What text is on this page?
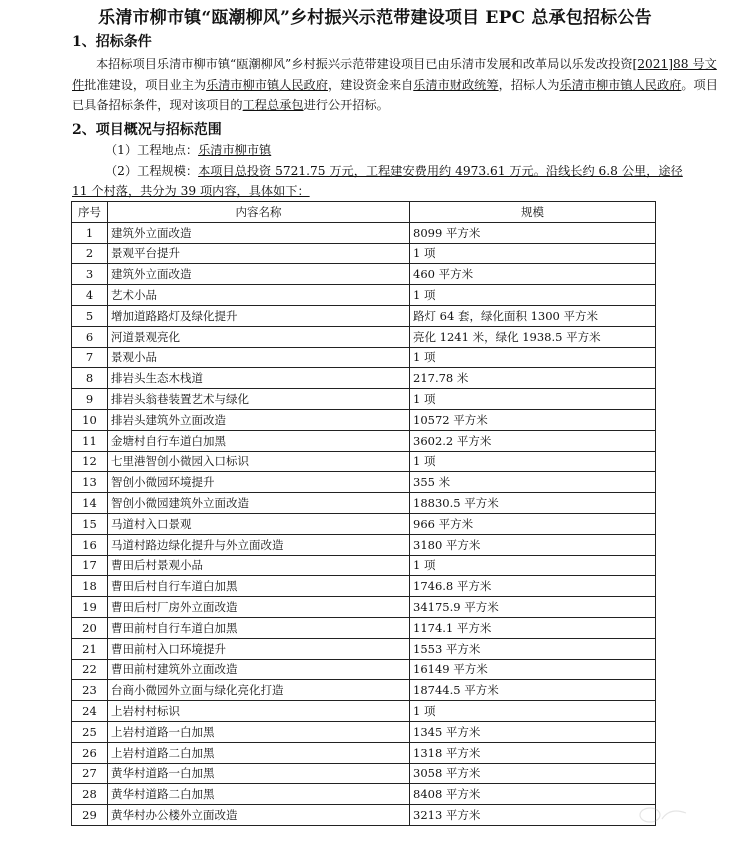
乐清市柳市镇“瓯潮柳风”乡村振兴示范带建设项目 EPC 总承包招标公告
1、招标条件
本招标项目乐清市柳市镇“瓯潮柳风”乡村振兴示范带建设项目已由乐清市发展和改革局以乐发改投资[2021]88 号文件批准建设，项目业主为乐清市柳市镇人民政府，建设资金来自乐清市财政统筹，招标人为乐清市柳市镇人民政府。项目已具备招标条件，现对该项目的工程总承包进行公开招标。
2、项目概况与招标范围
（1）工程地点：乐清市柳市镇
（2）工程规模：本项目总投资 5721.75 万元，工程建安费用约 4973.61 万元。沿线长约 6.8 公里，途径
11 个村落，共分为 39 项内容，具体如下：
序号	内容名称	规模
1	建筑外立面改造	8099 平方米
2	景观平台提升	1 项
3	建筑外立面改造	460 平方米
4	艺术小品	1 项
5	增加道路路灯及绿化提升	路灯 64 套，绿化面积 1300 平方米
6	河道景观亮化	亮化 1241 米，绿化 1938.5 平方米
7	景观小品	1 项
8	排岩头生态木栈道	217.78 米
9	排岩头翁巷装置艺术与绿化	1 项
10	排岩头建筑外立面改造	10572 平方米
11	金塘村自行车道白加黑	3602.2 平方米
12	七里港智创小微园入口标识	1 项
13	智创小微园环境提升	355 米
14	智创小微园建筑外立面改造	18830.5 平方米
15	马道村入口景观	966 平方米
16	马道村路边绿化提升与外立面改造	3180 平方米
17	曹田后村景观小品	1 项
18	曹田后村自行车道白加黑	1746.8 平方米
19	曹田后村厂房外立面改造	34175.9 平方米
20	曹田前村自行车道白加黑	1174.1 平方米
21	曹田前村入口环境提升	1553 平方米
22	曹田前村建筑外立面改造	16149 平方米
23	台商小微园外立面与绿化亮化打造	18744.5 平方米
24	上岩村村标识	1 项
25	上岩村道路一白加黑	1345 平方米
26	上岩村道路二白加黑	1318 平方米
27	黄华村道路一白加黑	3058 平方米
28	黄华村道路二白加黑	8408 平方米
29	黄华村办公楼外立面改造	3213 平方米
